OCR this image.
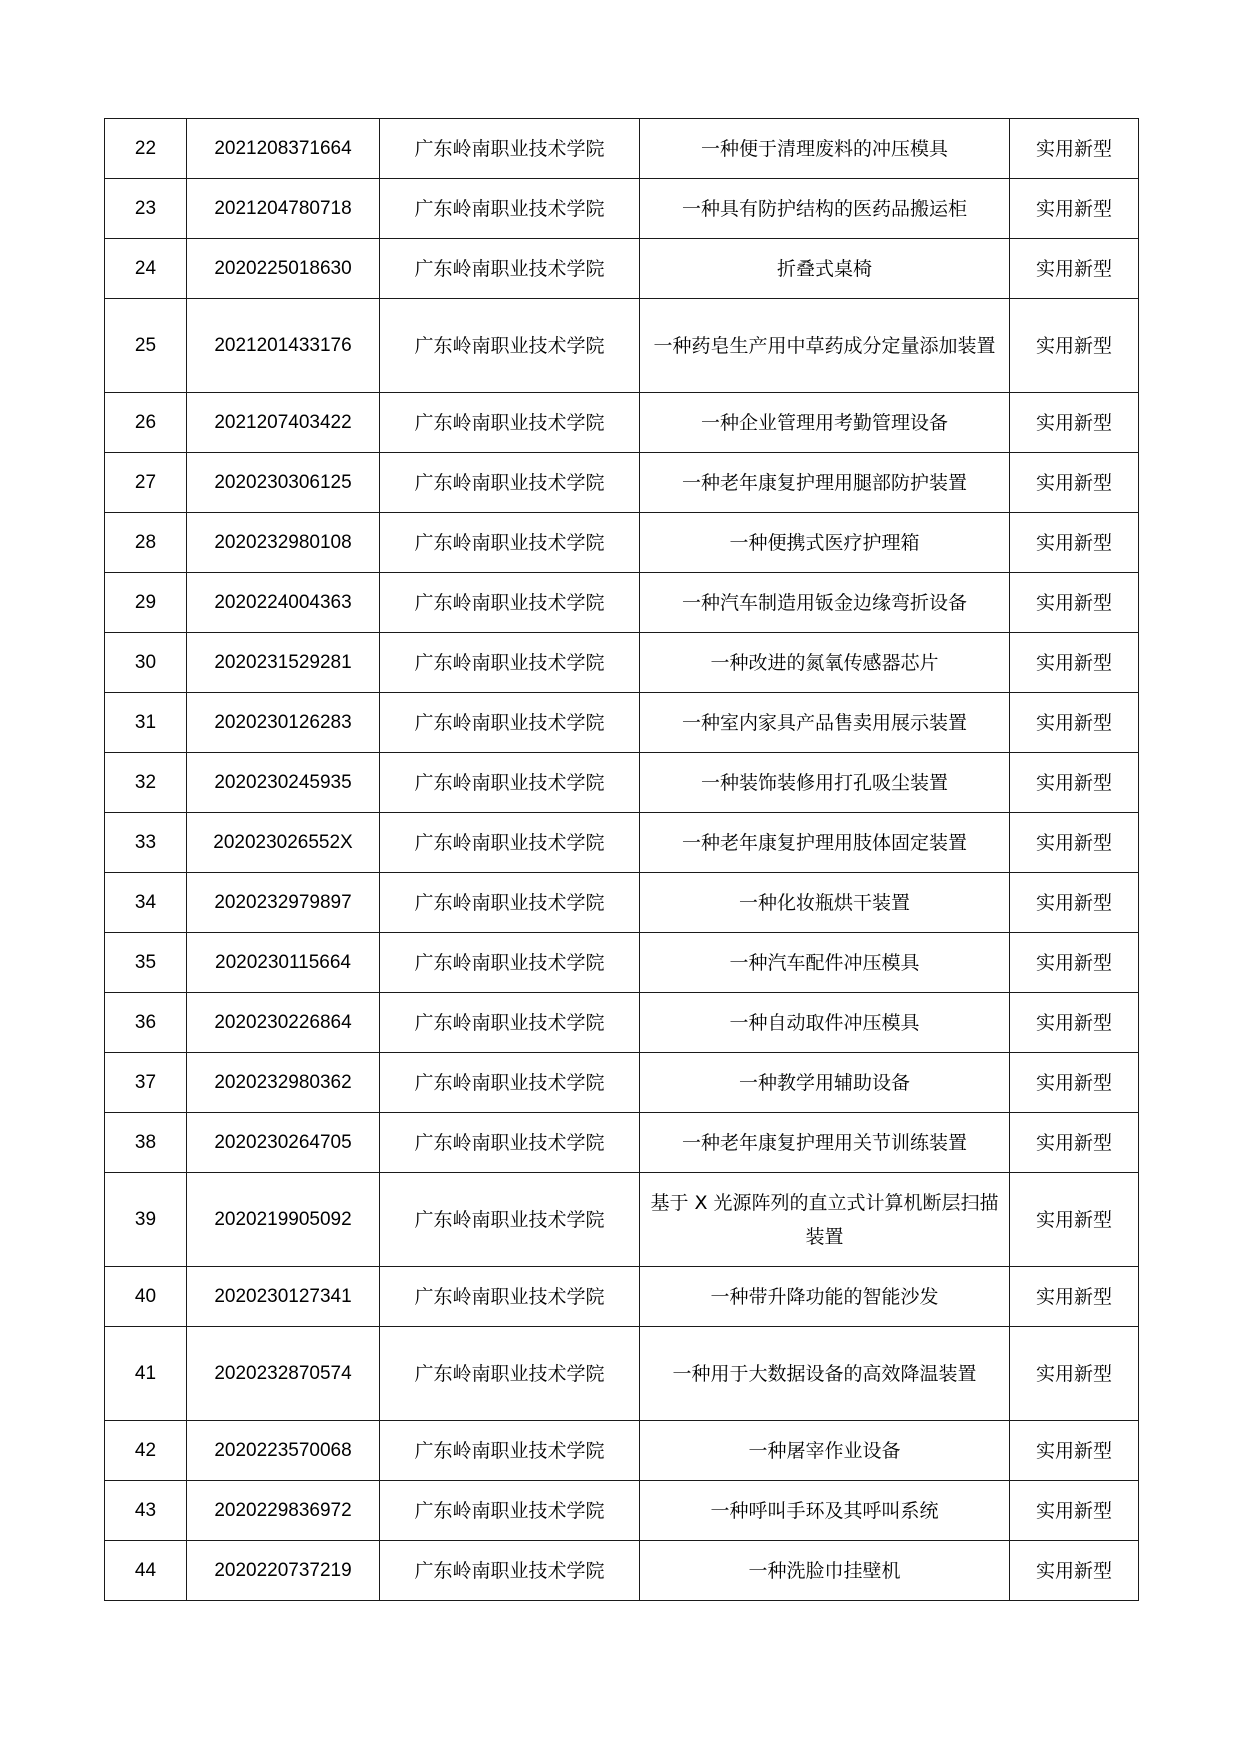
22	2021208371664	广东岭南职业技术学院	一种便于清理废料的冲压模具	实用新型
23	2021204780718	广东岭南职业技术学院	一种具有防护结构的医药品搬运柜	实用新型
24	2020225018630	广东岭南职业技术学院	折叠式桌椅	实用新型
25	2021201433176	广东岭南职业技术学院	一种药皂生产用中草药成分定量添加装置	实用新型
26	2021207403422	广东岭南职业技术学院	一种企业管理用考勤管理设备	实用新型
27	2020230306125	广东岭南职业技术学院	一种老年康复护理用腿部防护装置	实用新型
28	2020232980108	广东岭南职业技术学院	一种便携式医疗护理箱	实用新型
29	2020224004363	广东岭南职业技术学院	一种汽车制造用钣金边缘弯折设备	实用新型
30	2020231529281	广东岭南职业技术学院	一种改进的氮氧传感器芯片	实用新型
31	2020230126283	广东岭南职业技术学院	一种室内家具产品售卖用展示装置	实用新型
32	2020230245935	广东岭南职业技术学院	一种装饰装修用打孔吸尘装置	实用新型
33	202023026552X	广东岭南职业技术学院	一种老年康复护理用肢体固定装置	实用新型
34	2020232979897	广东岭南职业技术学院	一种化妆瓶烘干装置	实用新型
35	2020230115664	广东岭南职业技术学院	一种汽车配件冲压模具	实用新型
36	2020230226864	广东岭南职业技术学院	一种自动取件冲压模具	实用新型
37	2020232980362	广东岭南职业技术学院	一种教学用辅助设备	实用新型
38	2020230264705	广东岭南职业技术学院	一种老年康复护理用关节训练装置	实用新型
39	2020219905092	广东岭南职业技术学院	基于 X 光源阵列的直立式计算机断层扫描装置	实用新型
40	2020230127341	广东岭南职业技术学院	一种带升降功能的智能沙发	实用新型
41	2020232870574	广东岭南职业技术学院	一种用于大数据设备的高效降温装置	实用新型
42	2020223570068	广东岭南职业技术学院	一种屠宰作业设备	实用新型
43	2020229836972	广东岭南职业技术学院	一种呼叫手环及其呼叫系统	实用新型
44	2020220737219	广东岭南职业技术学院	一种洗脸巾挂壁机	实用新型
